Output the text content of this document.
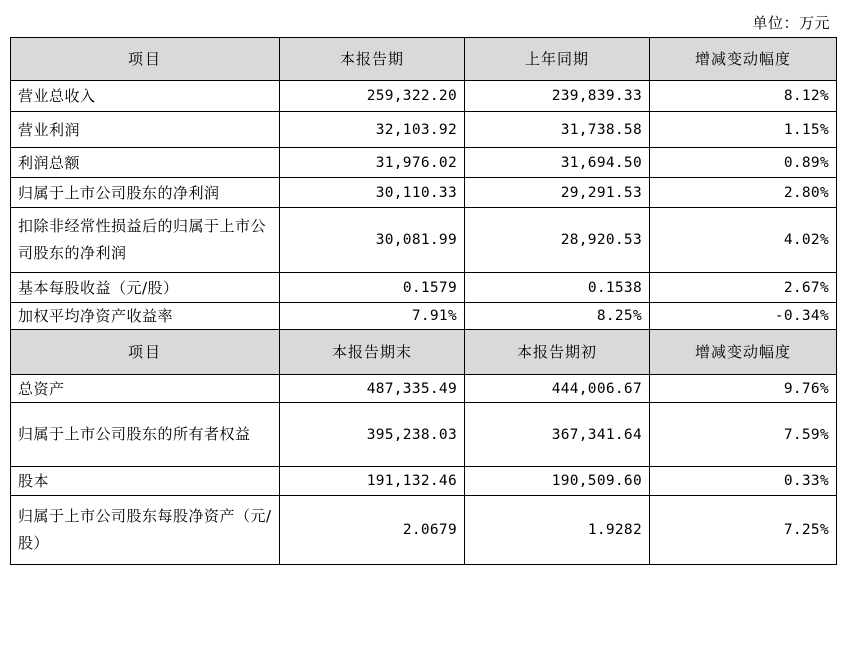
单位：万元
项目	本报告期	上年同期	增减变动幅度
营业总收入	259,322.20	239,839.33	8.12%
营业利润	32,103.92	31,738.58	1.15%
利润总额	31,976.02	31,694.50	0.89%
归属于上市公司股东的净利润	30,110.33	29,291.53	2.80%
扣除非经常性损益后的归属于上市公司股东的净利润	30,081.99	28,920.53	4.02%
基本每股收益（元/股）	0.1579	0.1538	2.67%
加权平均净资产收益率	7.91%	8.25%	-0.34%
项目	本报告期末	本报告期初	增减变动幅度
总资产	487,335.49	444,006.67	9.76%
归属于上市公司股东的所有者权益	395,238.03	367,341.64	7.59%
股本	191,132.46	190,509.60	0.33%
归属于上市公司股东每股净资产（元/股）	2.0679	1.9282	7.25%
